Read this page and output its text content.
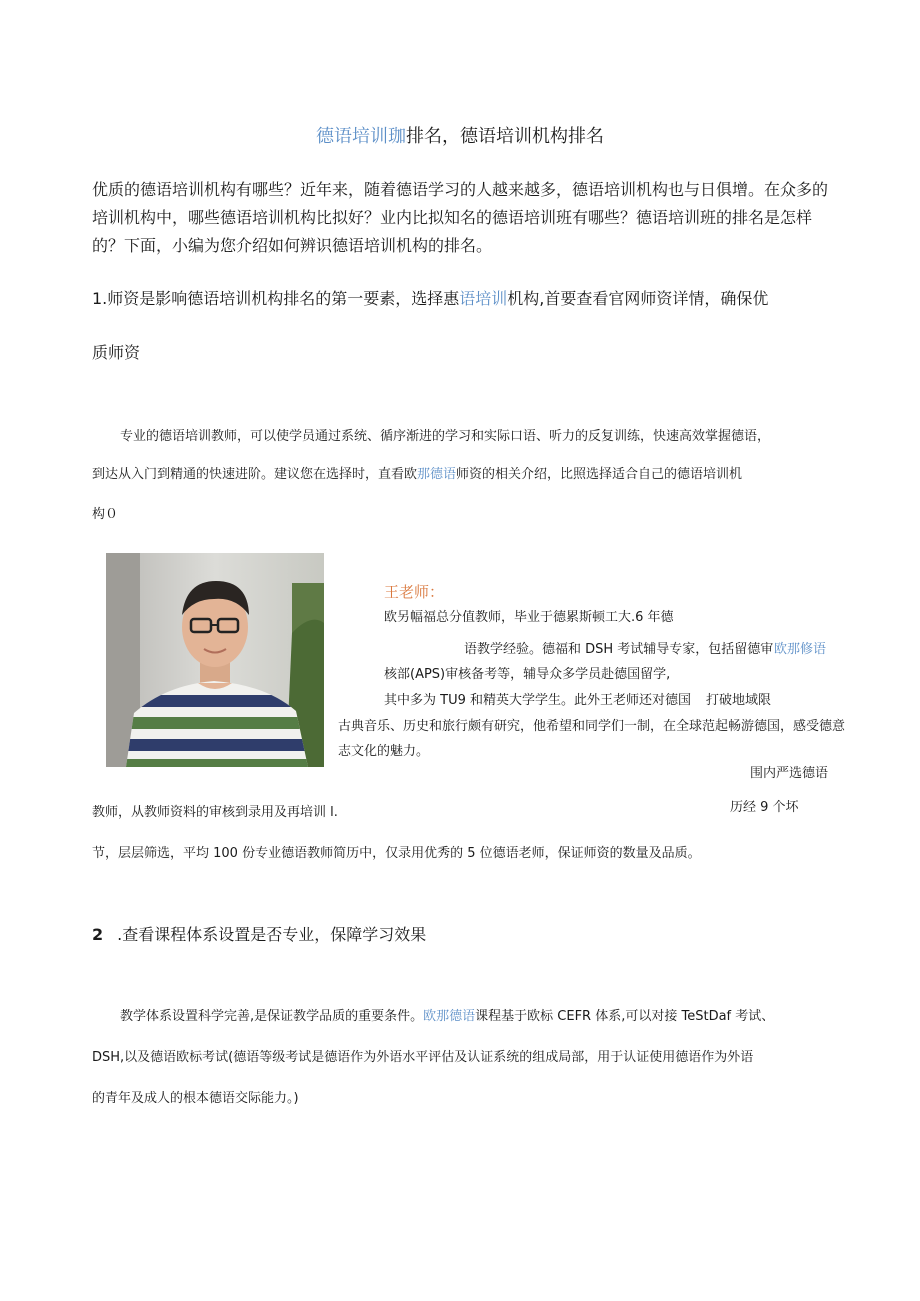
德语培训珈排名，德语培训机构排名
优质的德语培训机构有哪些？近年来，随着德语学习的人越来越多，德语培训机构也与日俱增。在众多的培训机构中，哪些德语培训机构比拟好？业内比拟知名的德语培训班有哪些？德语培训班的排名是怎样的？下面，小编为您介绍如何辨识德语培训机构的排名。
1.师资是影响德语培训机构排名的第一要素，选择惠语培训机构,首要查看官网师资详情，确保优
质师资
专业的德语培训教师，可以使学员通过系统、循序渐进的学习和实际口语、听力的反复训练，快速高效掌握德语，
到达从入门到精通的快速进阶。建议您在选择时，直看欧那德语师资的相关介绍，比照选择适合自己的德语培训机
构０
王老师：
欧另幅福总分值教师，毕业于德累斯顿工大.6 年德
语教学经验。德福和 DSH 考试辅导专家，包括留德审 欧那修语
核部(APS)审核备考等，辅导众多学员赴德国留学,
其中多为 TU9 和精英大学学生。此外王老师还对德国 打破地域限
古典音乐、历史和旅行颇有研究，他希望和同学们一制，在全球范起畅游德国，感受德意
志文化的魅力。
围内严选德语
教师，从教师资料的审核到录用及再培训 l.	历经 9 个坏
节，层层筛选，平均 100 份专业德语教师简历中，仅录用优秀的 5 位德语老师，保证师资的数量及品质。
2 .查看课程体系设置是否专业，保障学习效果
教学体系设置科学完善,是保证教学品质的重要条件。欧那德语课程基于欧标 CEFR 体系,可以对接 TeStDaf 考试、
DSH,以及德语欧标考试(德语等级考试是德语作为外语水平评估及认证系统的组成局部，用于认证使用德语作为外语
的青年及成人的根本德语交际能力。)
